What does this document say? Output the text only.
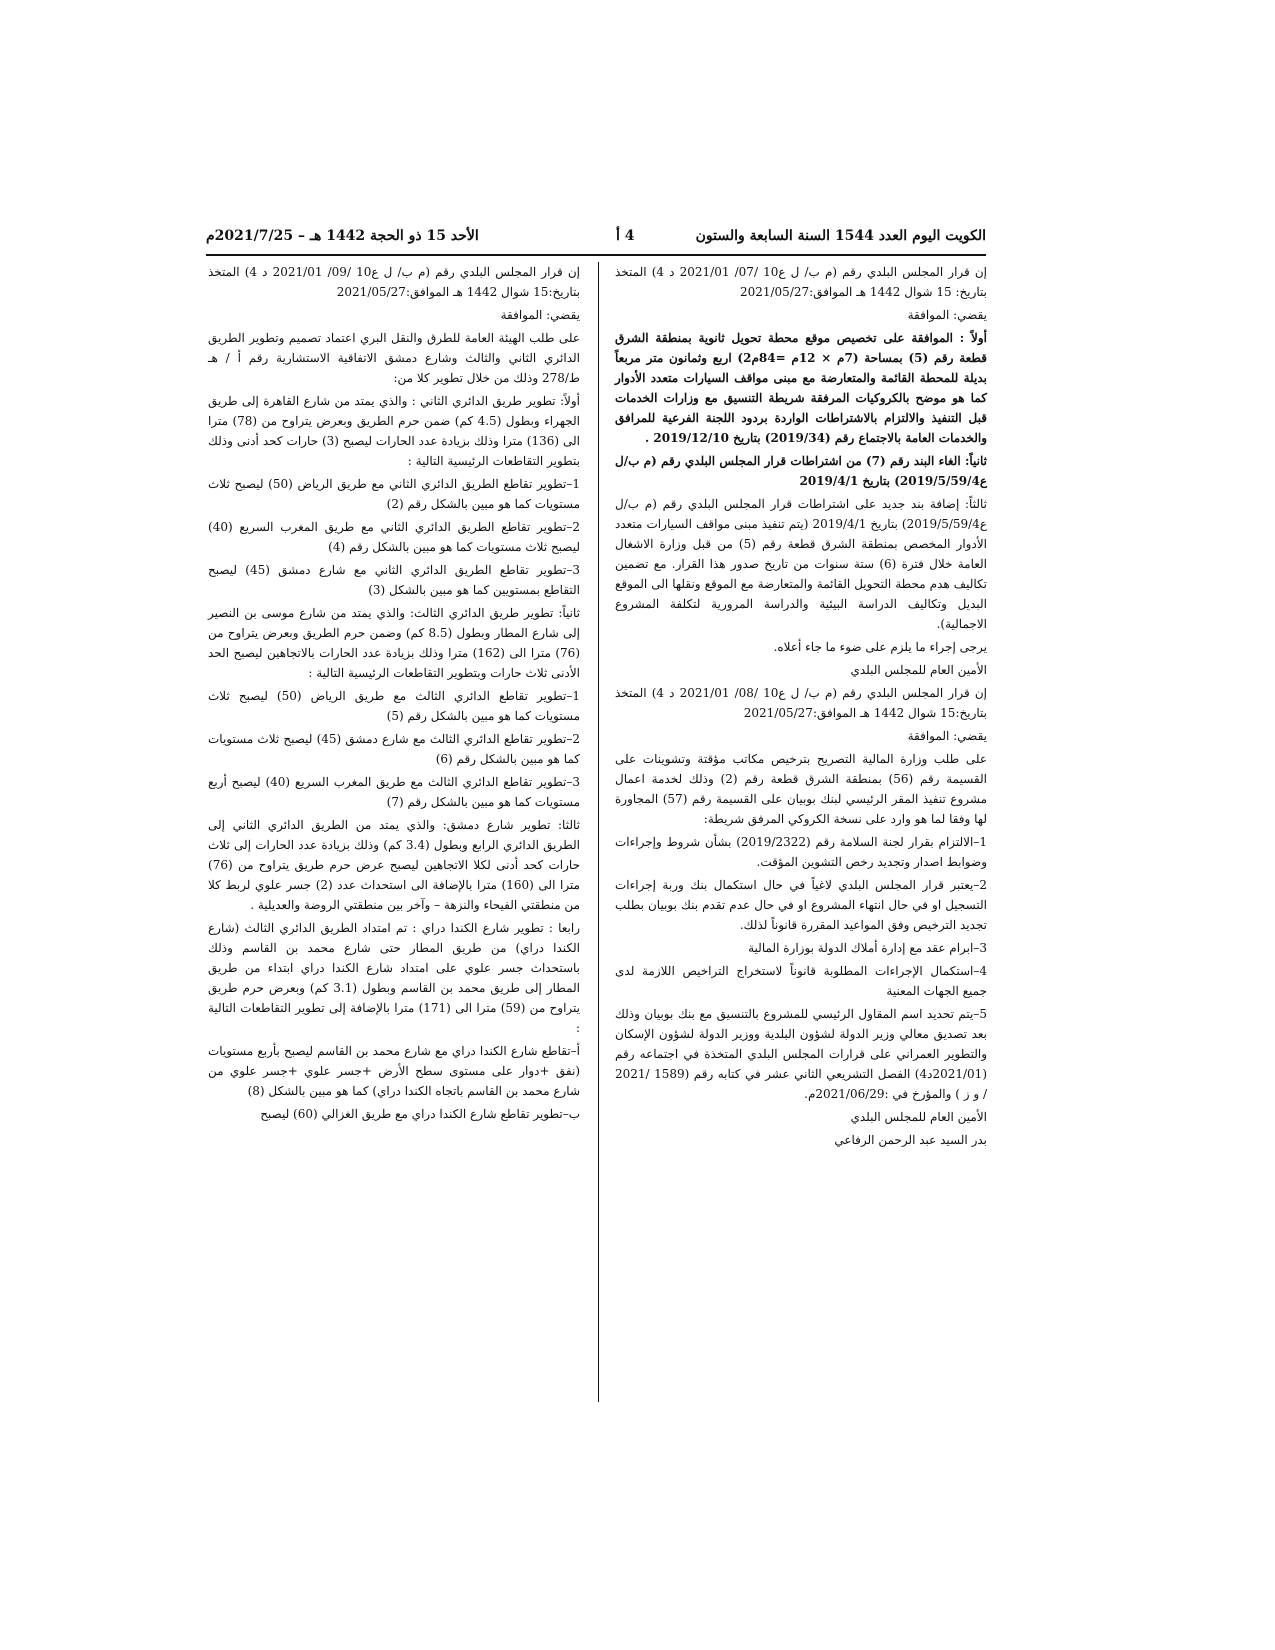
الكويت اليوم العدد 1544 السنة السابعة والستون
4 أ
الأحد 15 ذو الحجة 1442 هـ – 2021/7/25م

إن قرار المجلس البلدي رقم (م ب/ ل ع10 /07/ 2021/01 د 4) المتخذ بتاريخ: 15 شوال 1442 هـ الموافق:2021/05/27

يقضي: الموافقة

أولاً : الموافقة على تخصيص موقع محطة تحويل ثانوية بمنطقة الشرق قطعة رقم (5) بمساحة (7م × 12م =84م2) اربع وثمانون متر مربعاً بديلة للمحطة القائمة والمتعارضة مع مبنى مواقف السيارات متعدد الأدوار كما هو موضح بالكروكيات المرفقة شريطة التنسيق مع وزارات الخدمات قبل التنفيذ والالتزام بالاشتراطات الواردة بردود اللجنة الفرعية للمرافق والخدمات العامة بالاجتماع رقم (2019/34) بتاريخ 2019/12/10 .

ثانياً: الغاء البند رقم (7) من اشتراطات قرار المجلس البلدي رقم (م ب/ل ع2019/5/59/4) بتاريخ 2019/4/1

ثالثاً: إضافة بند جديد على اشتراطات قرار المجلس البلدي رقم (م ب/ل ع2019/5/59/4) بتاريخ 2019/4/1 (يتم تنفيذ مبنى مواقف السيارات متعدد الأدوار المخصص بمنطقة الشرق قطعة رقم (5) من قبل وزارة الاشغال العامة خلال فترة (6) ستة سنوات من تاريخ صدور هذا القرار. مع تضمين تكاليف هدم محطة التحويل القائمة والمتعارضة مع الموقع ونقلها الى الموقع البديل وتكاليف الدراسة البيئية والدراسة المرورية لتكلفة المشروع الاجمالية).

يرجى إجراء ما يلزم على ضوء ما جاء أعلاه.

الأمين العام للمجلس البلدي

إن قرار المجلس البلدي رقم (م ب/ ل ع10 /08/ 2021/01 د 4) المتخذ بتاريخ:15 شوال 1442 هـ الموافق:2021/05/27

يقضي: الموافقة

على طلب وزارة المالية التصريح بترخيص مكاتب مؤقتة وتشوينات على القسيمة رقم (56) بمنطقة الشرق قطعة رقم (2) وذلك لخدمة اعمال مشروع تنفيذ المقر الرئيسي لبنك بوبيان على القسيمة رقم (57) المجاورة لها وفقا لما هو وارد على نسخة الكروكي المرفق شريطة:

1–الالتزام بقرار لجنة السلامة رقم (2019/2322) بشأن شروط وإجراءات وضوابط اصدار وتجديد رخص التشوين المؤقت.

2–يعتبر قرار المجلس البلدي لاغياً في حال استكمال بنك وربة إجراءات التسجيل او في حال انتهاء المشروع او في حال عدم تقدم بنك بوبيان بطلب تجديد الترخيص وفق المواعيد المقررة قانوناً لذلك.

3–ابرام عقد مع إدارة أملاك الدولة بوزارة المالية

4–استكمال الإجراءات المطلوبة قانوناً لاستخراج التراخيص اللازمة لدى جميع الجهات المعنية

5–يتم تحديد اسم المقاول الرئيسي للمشروع بالتنسيق مع بنك بوبيان وذلك بعد تصديق معالي وزير الدولة لشؤون البلدية ووزير الدولة لشؤون الإسكان والتطوير العمراني على قرارات المجلس البلدي المتخذة في اجتماعه رقم (2021/01د4) الفصل التشريعي الثاني عشر في كتابه رقم (1589 /2021 / و ز ) والمؤرخ في :2021/06/29م.

الأمين العام للمجلس البلدي

بدر السيد عبد الرحمن الرفاعي

إن قرار المجلس البلدي رقم (م ب/ ل ع10 /09/ 2021/01 د 4) المتخذ بتاريخ:15 شوال 1442 هـ الموافق:2021/05/27

يقضي: الموافقة

على طلب الهيئة العامة للطرق والنقل البري اعتماد تصميم وتطوير الطريق الدائري الثاني والثالث وشارع دمشق الاتفاقية الاستشارية رقم أ / هـ ط/278 وذلك من خلال تطوير كلا من:

أولاً: تطوير طريق الدائري الثاني : والذي يمتد من شارع القاهرة إلى طريق الجهراء وبطول (4.5 كم) ضمن حرم الطريق وبعرض يتراوح من (78) مترا الى (136) مترا وذلك بزيادة عدد الحارات ليصبح (3) حارات كحد أدنى وذلك بتطوير التقاطعات الرئيسية التالية :

1–تطوير تقاطع الطريق الدائري الثاني مع طريق الرياض (50) ليصبح ثلاث مستويات كما هو مبين بالشكل رقم (2)

2–تطوير تقاطع الطريق الدائري الثاني مع طريق المغرب السريع (40) ليصبح ثلاث مستويات كما هو مبين بالشكل رقم (4)

3–تطوير تقاطع الطريق الدائري الثاني مع شارع دمشق (45) ليصبح التقاطع بمستويين كما هو مبين بالشكل (3)

ثانياً: تطوير طريق الدائري الثالث: والذي يمتد من شارع موسى بن النصير إلى شارع المطار وبطول (8.5 كم) وضمن حرم الطريق وبعرض يتراوح من (76) مترا الى (162) مترا وذلك بزيادة عدد الحارات بالاتجاهين ليصبح الحد الأدنى ثلاث حارات وبتطوير التقاطعات الرئيسية التالية :

1–تطوير تقاطع الدائري الثالث مع طريق الرياض (50) ليصبح ثلاث مستويات كما هو مبين بالشكل رقم (5)

2–تطوير تقاطع الدائري الثالث مع شارع دمشق (45) ليصبح ثلاث مستويات كما هو مبين بالشكل رقم (6)

3–تطوير تقاطع الدائري الثالث مع طريق المغرب السريع (40) ليصبح أربع مستويات كما هو مبين بالشكل رقم (7)

ثالثا: تطوير شارع دمشق: والذي يمتد من الطريق الدائري الثاني إلى الطريق الدائري الرابع وبطول (3.4 كم) وذلك بزيادة عدد الحارات إلى ثلاث حارات كحد أدنى لكلا الاتجاهين ليصبح عرض حرم طريق يتراوح من (76) مترا الى (160) مترا بالإضافة الى استحداث عدد (2) جسر علوي لربط كلا من منطقتي الفيحاء والنزهة – وآخر بين منطقتي الروضة والعديلية .

رابعا : تطوير شارع الكندا دراي : تم امتداد الطريق الدائري الثالث (شارع الكندا دراي) من طريق المطار حتى شارع محمد بن القاسم وذلك باستحداث جسر علوي على امتداد شارع الكندا دراي ابتداء من طريق المطار إلى طريق محمد بن القاسم وبطول (3.1 كم) وبعرض حرم طريق يتراوح من (59) مترا الى (171) مترا بالإضافة إلى تطوير التقاطعات التالية :

أ–تقاطع شارع الكندا دراي مع شارع محمد بن القاسم ليصبح بأربع مستويات (نفق +دوار على مستوى سطح الأرض +جسر علوي +جسر علوي من شارع محمد بن القاسم باتجاه الكندا دراي) كما هو مبين بالشكل (8)

ب–تطوير تقاطع شارع الكندا دراي مع طريق الغزالي (60) ليصبح
